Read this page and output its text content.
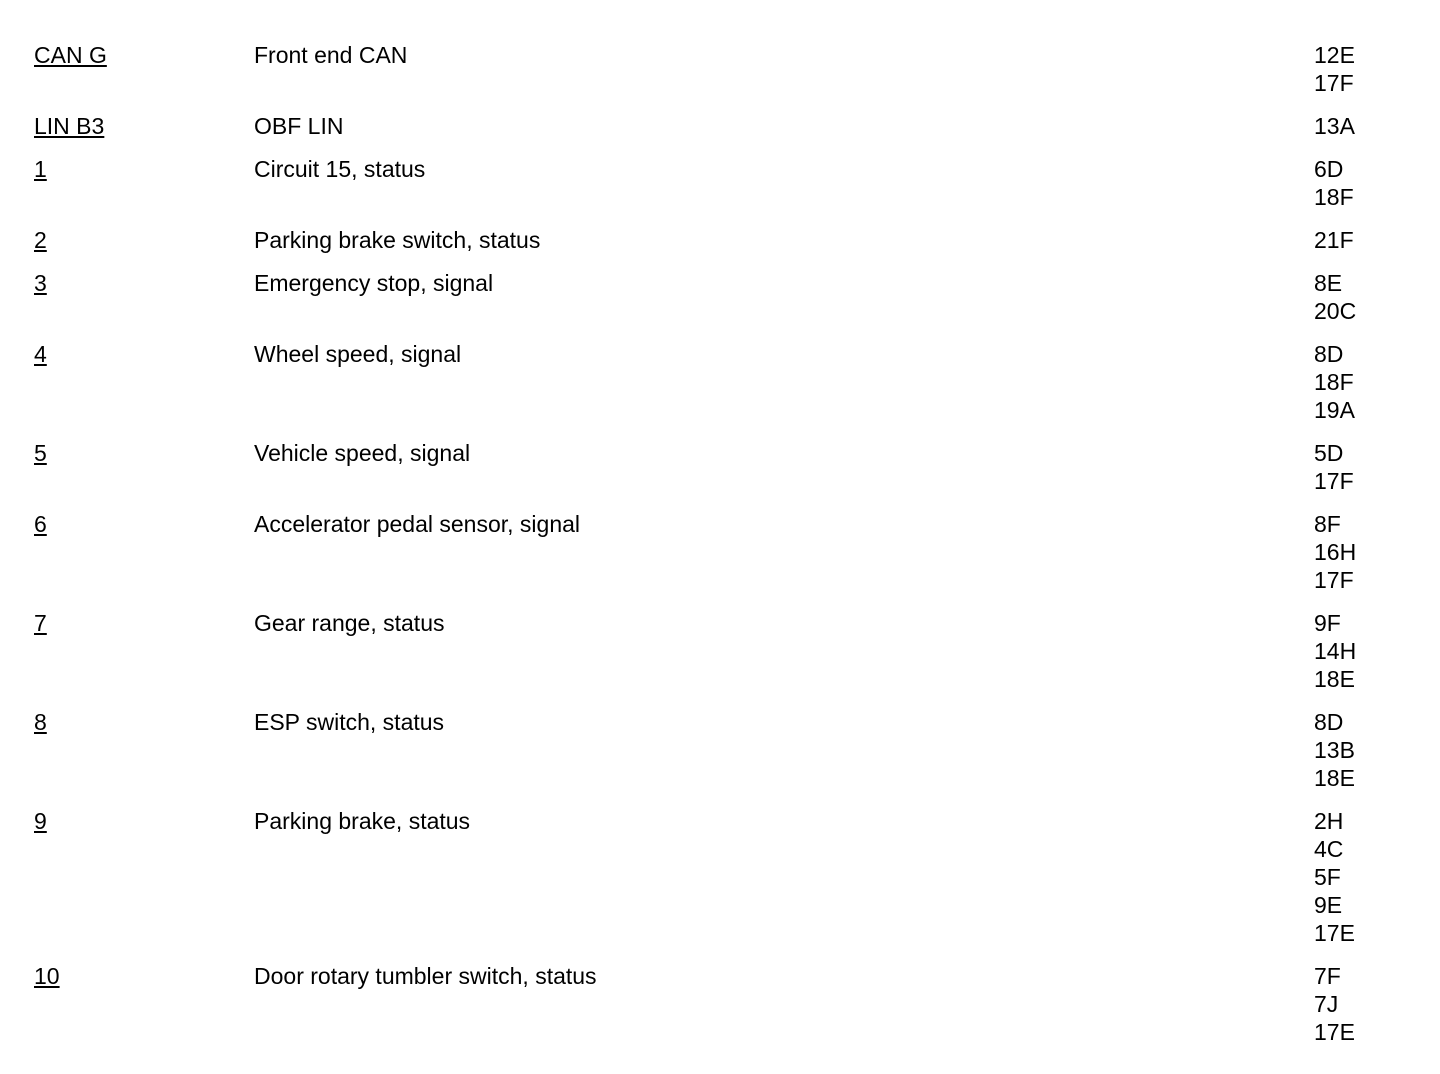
CAN G	Front end CAN	12E
17F
LIN B3	OBF LIN	13A
1	Circuit 15, status	6D
18F
2	Parking brake switch, status	21F
3	Emergency stop, signal	8E
20C
4	Wheel speed, signal	8D
18F
19A
5	Vehicle speed, signal	5D
17F
6	Accelerator pedal sensor, signal	8F
16H
17F
7	Gear range, status	9F
14H
18E
8	ESP switch, status	8D
13B
18E
9	Parking brake, status	2H
4C
5F
9E
17E
10	Door rotary tumbler switch, status	7F
7J
17E
